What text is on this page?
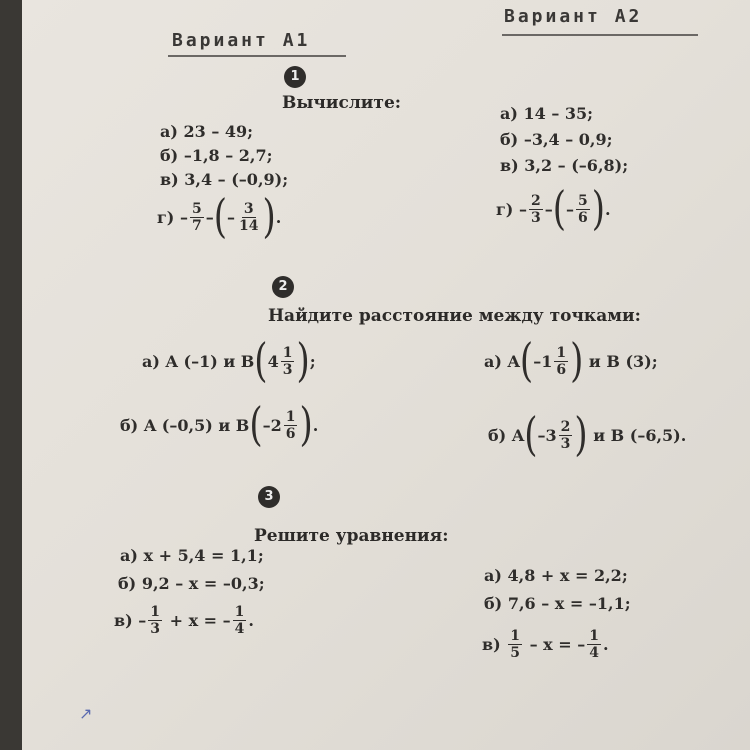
Вариант А1
Вариант А2
1
Вычислите:
а) 23 – 49;
б) –1,8 – 2,7;
в) 3,4 – (–0,9);
г)
– $\frac{5}{7}$ – ( – $\frac{3}{14}$ ) .
а) 14 – 35;
б) –3,4 – 0,9;
в) 3,2 – (–6,8);
г)
– $\frac{2}{3}$ – ( – $\frac{5}{6}$ ) .
2
Найдите расстояние между точками:
а) A (–1) и B ( $4 \frac{1}{3}$ ) ;
б) A (–0,5) и B ( $-2 \frac{1}{6}$ ) .
а) A ( $-1 \frac{1}{6}$ )
и B (3);
б) A ( $-3 \frac{2}{3}$ )
и B (–6,5).
3
Решите уравнения:
а) x + 5,4 = 1,1;
б) 9,2 – x = –0,3;
в)
– $\frac{1}{3}$
+ x = – $\frac{1}{4}$ .
а) 4,8 + x = 2,2;
б) 7,6 – x = –1,1;
в)
$\frac{1}{5}$
– x = – $\frac{1}{4}$ .
↗
